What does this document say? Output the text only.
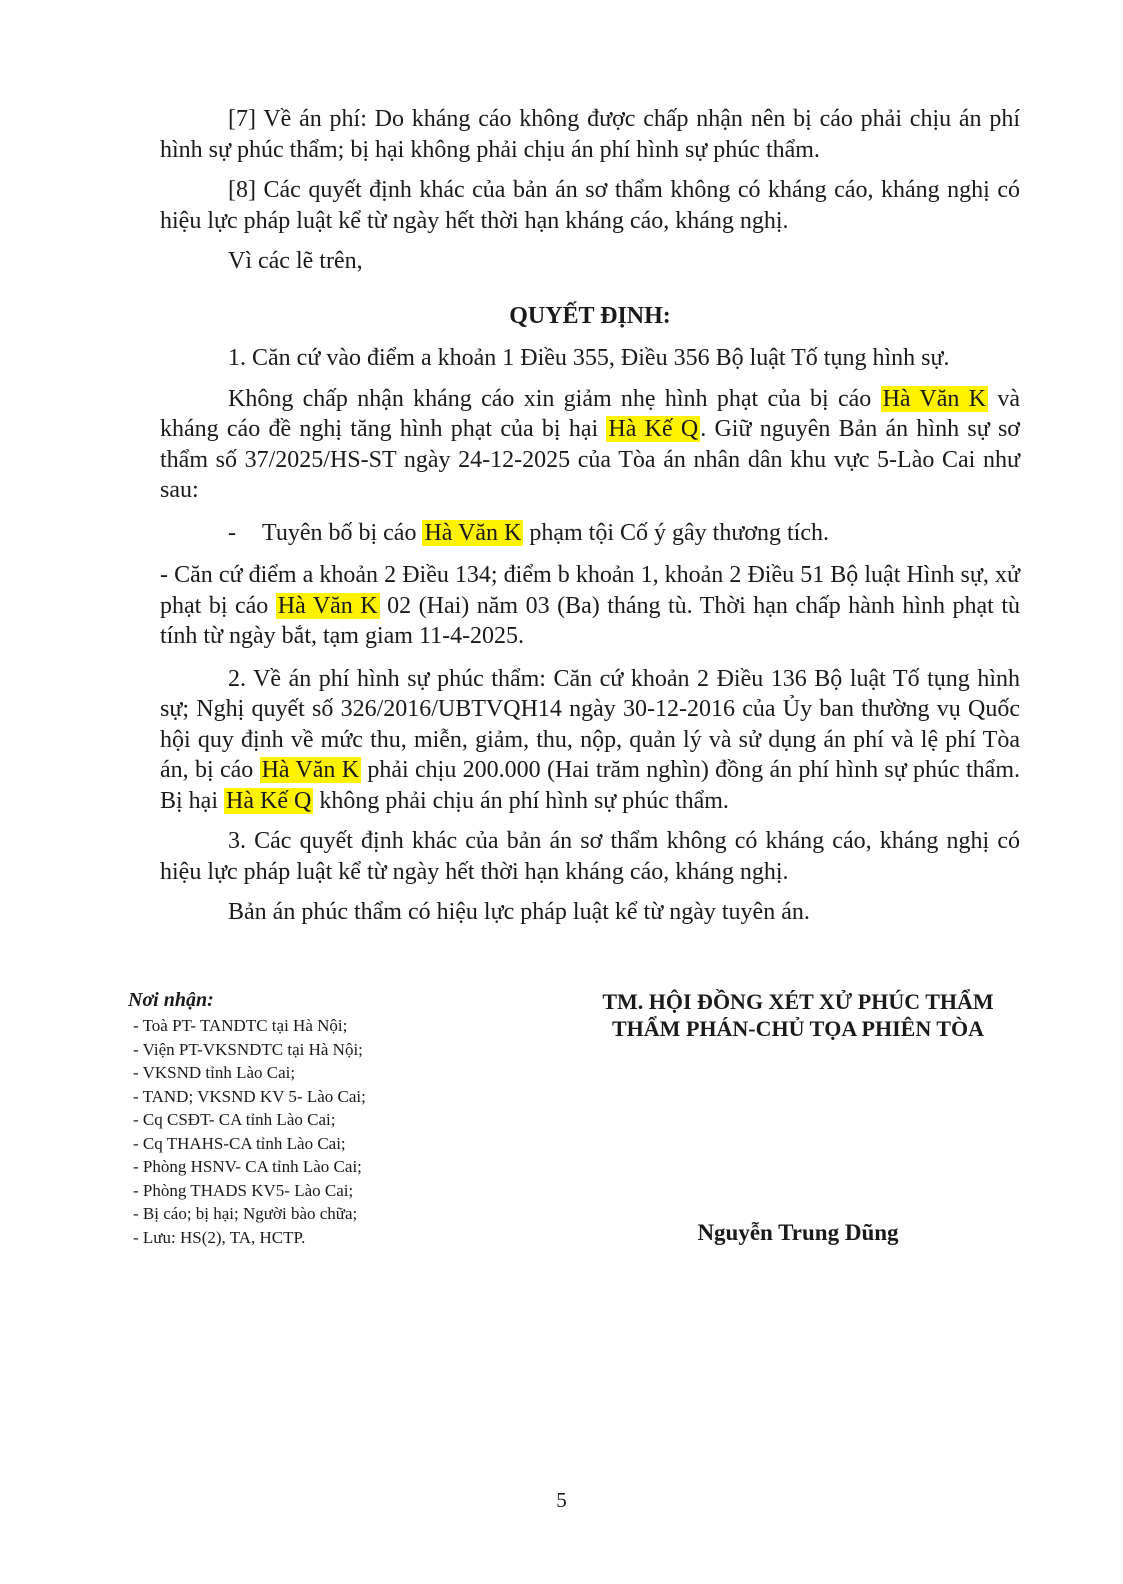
[7] Về án phí: Do kháng cáo không được chấp nhận nên bị cáo phải chịu án phí hình sự phúc thẩm; bị hại không phải chịu án phí hình sự phúc thẩm.

[8] Các quyết định khác của bản án sơ thẩm không có kháng cáo, kháng nghị có hiệu lực pháp luật kể từ ngày hết thời hạn kháng cáo, kháng nghị.

Vì các lẽ trên,

QUYẾT ĐỊNH:

1. Căn cứ vào điểm a khoản 1 Điều 355, Điều 356 Bộ luật Tố tụng hình sự.

Không chấp nhận kháng cáo xin giảm nhẹ hình phạt của bị cáo Hà Văn K và kháng cáo đề nghị tăng hình phạt của bị hại Hà Kế Q. Giữ nguyên Bản án hình sự sơ thẩm số 37/2025/HS-ST ngày 24-12-2025 của Tòa án nhân dân khu vực 5-Lào Cai như sau:

- Tuyên bố bị cáo Hà Văn K phạm tội Cố ý gây thương tích.

- Căn cứ điểm a khoản 2 Điều 134; điểm b khoản 1, khoản 2 Điều 51 Bộ luật Hình sự, xử phạt bị cáo Hà Văn K 02 (Hai) năm 03 (Ba) tháng tù. Thời hạn chấp hành hình phạt tù tính từ ngày bắt, tạm giam 11-4-2025.

2. Về án phí hình sự phúc thẩm: Căn cứ khoản 2 Điều 136 Bộ luật Tố tụng hình sự; Nghị quyết số 326/2016/UBTVQH14 ngày 30-12-2016 của Ủy ban thường vụ Quốc hội quy định về mức thu, miễn, giảm, thu, nộp, quản lý và sử dụng án phí và lệ phí Tòa án, bị cáo Hà Văn K phải chịu 200.000 (Hai trăm nghìn) đồng án phí hình sự phúc thẩm. Bị hại Hà Kế Q không phải chịu án phí hình sự phúc thẩm.

3. Các quyết định khác của bản án sơ thẩm không có kháng cáo, kháng nghị có hiệu lực pháp luật kể từ ngày hết thời hạn kháng cáo, kháng nghị.

Bản án phúc thẩm có hiệu lực pháp luật kể từ ngày tuyên án.

Nơi nhận:
- Toà PT- TANDTC tại Hà Nội;
- Viện PT-VKSNDTC tại Hà Nội;
- VKSND tỉnh Lào Cai;
- TAND; VKSND KV 5- Lào Cai;
- Cq CSĐT- CA tỉnh Lào Cai;
- Cq THAHS-CA tỉnh Lào Cai;
- Phòng HSNV- CA tỉnh Lào Cai;
- Phòng THADS KV5- Lào Cai;
- Bị cáo; bị hại; Người bào chữa;
- Lưu: HS(2), TA, HCTP.
TM. HỘI ĐỒNG XÉT XỬ PHÚC THẨM
THẨM PHÁN-CHỦ TỌA PHIÊN TÒA
Nguyễn Trung Dũng
5
